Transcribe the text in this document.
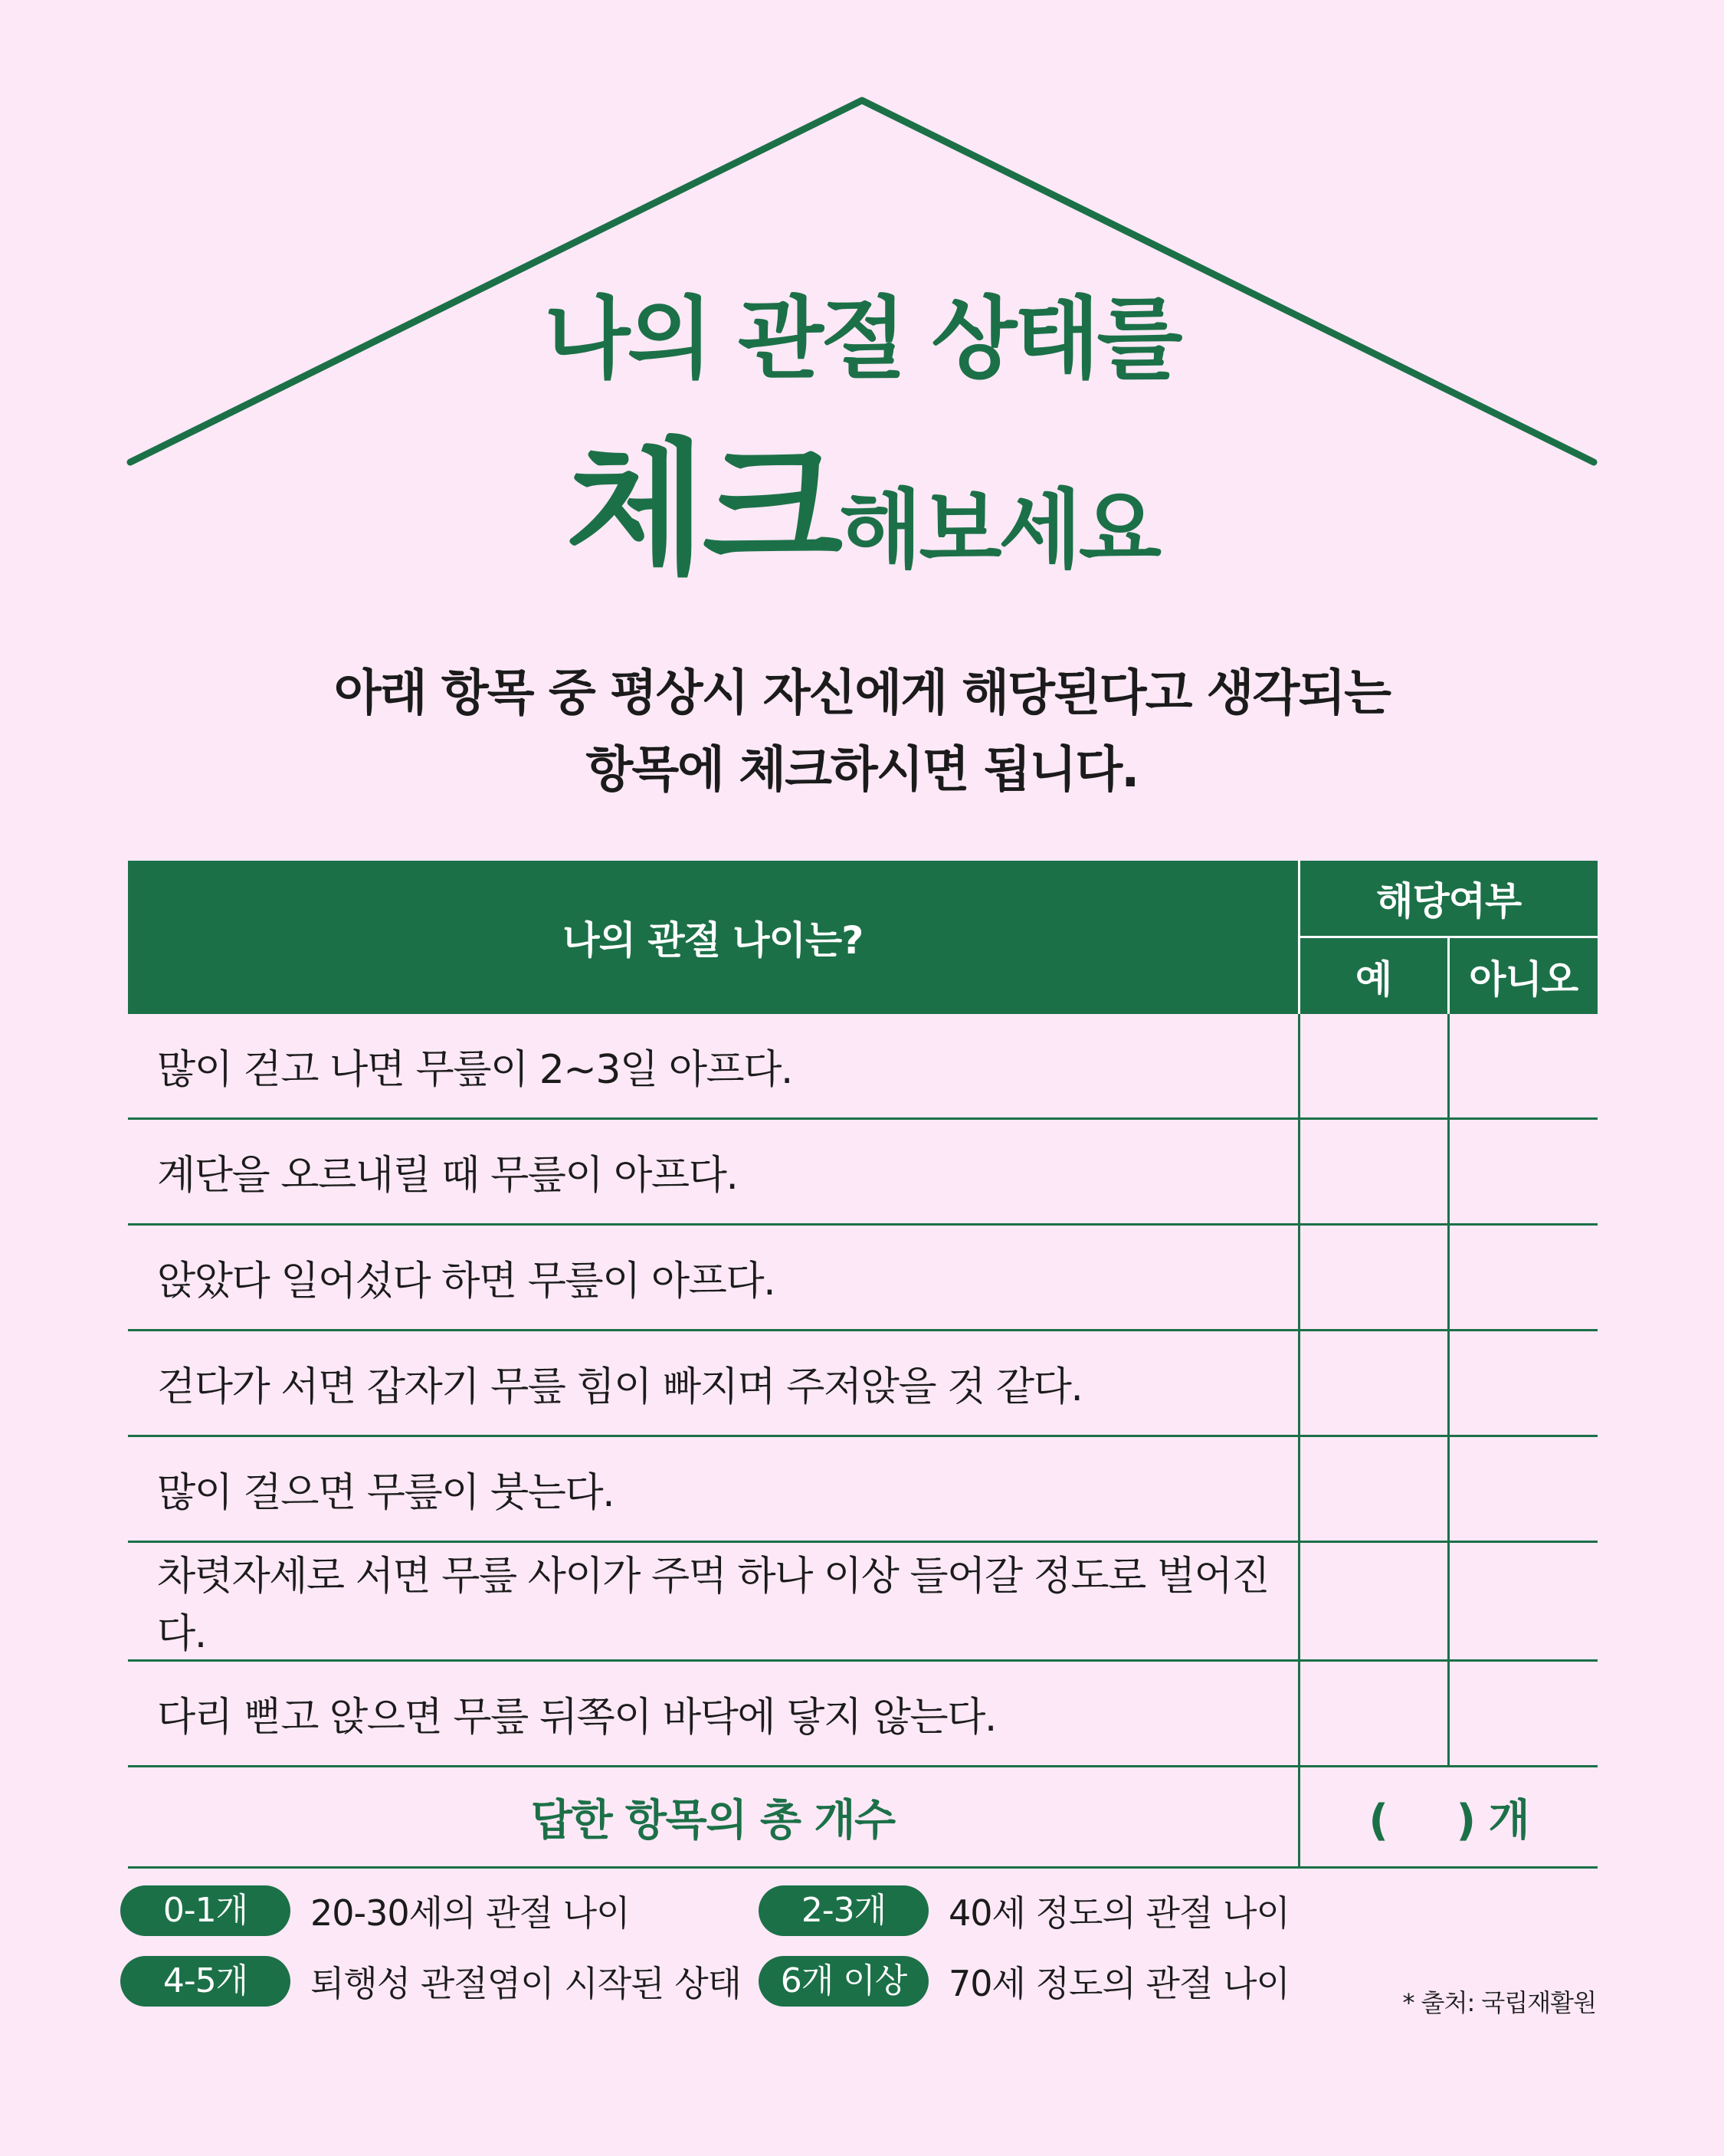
나의 관절 상태를
체크해보세요
아래 항목 중 평상시 자신에게 해당된다고 생각되는
항목에 체크하시면 됩니다.
나의 관절 나이는?	해당여부	
	예	아니오
많이 걷고 나면 무릎이 2~3일 아프다.		
계단을 오르내릴 때 무릎이 아프다.		
앉았다 일어섰다 하면 무릎이 아프다.		
걷다가 서면 갑자기 무릎 힘이 빠지며 주저앉을 것 같다.		
많이 걸으면 무릎이 붓는다.		
차렷자세로 서면 무릎 사이가 주먹 하나 이상 들어갈 정도로 벌어진다.		
다리 뻗고 앉으면 무릎 뒤쪽이 바닥에 닿지 않는다.		
답한 항목의 총 개수	( ) 개	
0-1개	20-30세의 관절 나이	2-3개	40세 정도의 관절 나이
4-5개	퇴행성 관절염이 시작된 상태	6개 이상	70세 정도의 관절 나이	* 출처: 국립재활원
